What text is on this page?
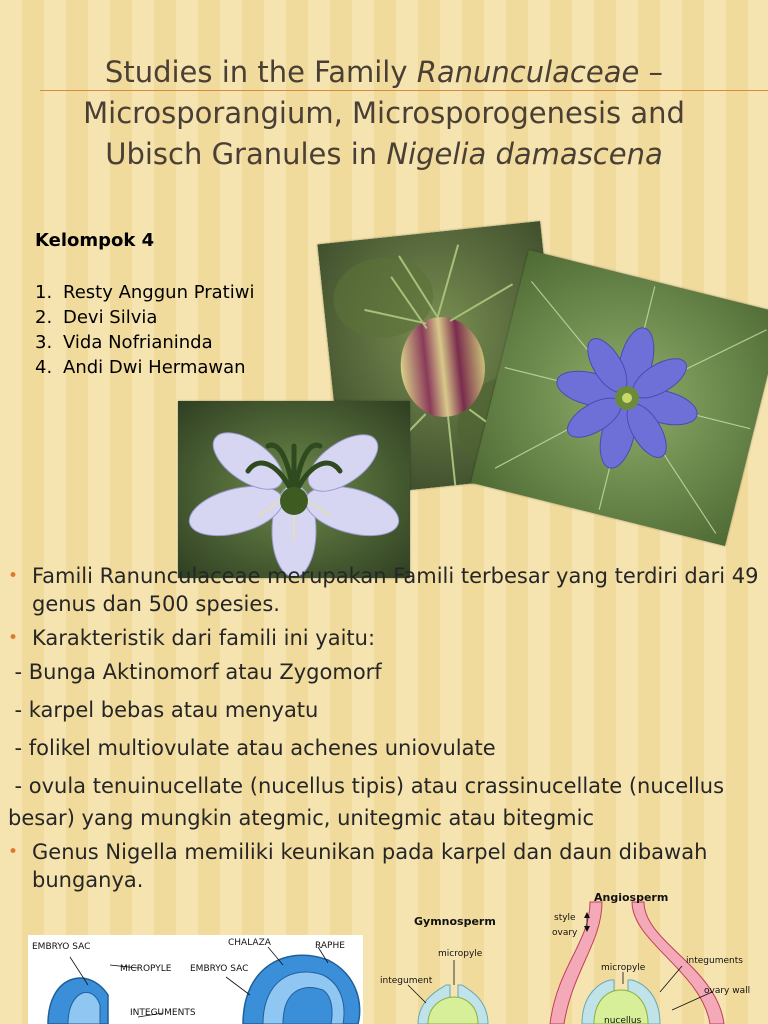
Studies in the Family Ranunculaceae – Microsporangium, Microsporogenesis and Ubisch Granules in Nigelia damascena
Kelompok 4
1. Resty Anggun Pratiwi
2. Devi Silvia
3. Vida Nofrianinda
4. Andi Dwi Hermawan
• Famili Ranunculaceae merupakan Famili terbesar yang terdiri dari 49 genus dan 500 spesies.
• Karakteristik dari famili ini yaitu:
 - Bunga Aktinomorf atau Zygomorf
 - karpel bebas atau menyatu
 - folikel multiovulate atau achenes uniovulate
 - ovula tenuinucellate (nucellus tipis) atau crassinucellate (nucellus besar) yang mungkin ategmic, unitegmic atau bitegmic
• Genus Nigella memiliki keunikan pada karpel dan daun dibawah bunganya.
EMBRYO SAC
MICROPYLE EMBRYO SAC
CHALAZA	RAPHE
INTEGUMENTS
Gymnosperm
micropyle
integument
Angiosperm
style
ovary
micropyle
integuments
ovary wall
nucellus
